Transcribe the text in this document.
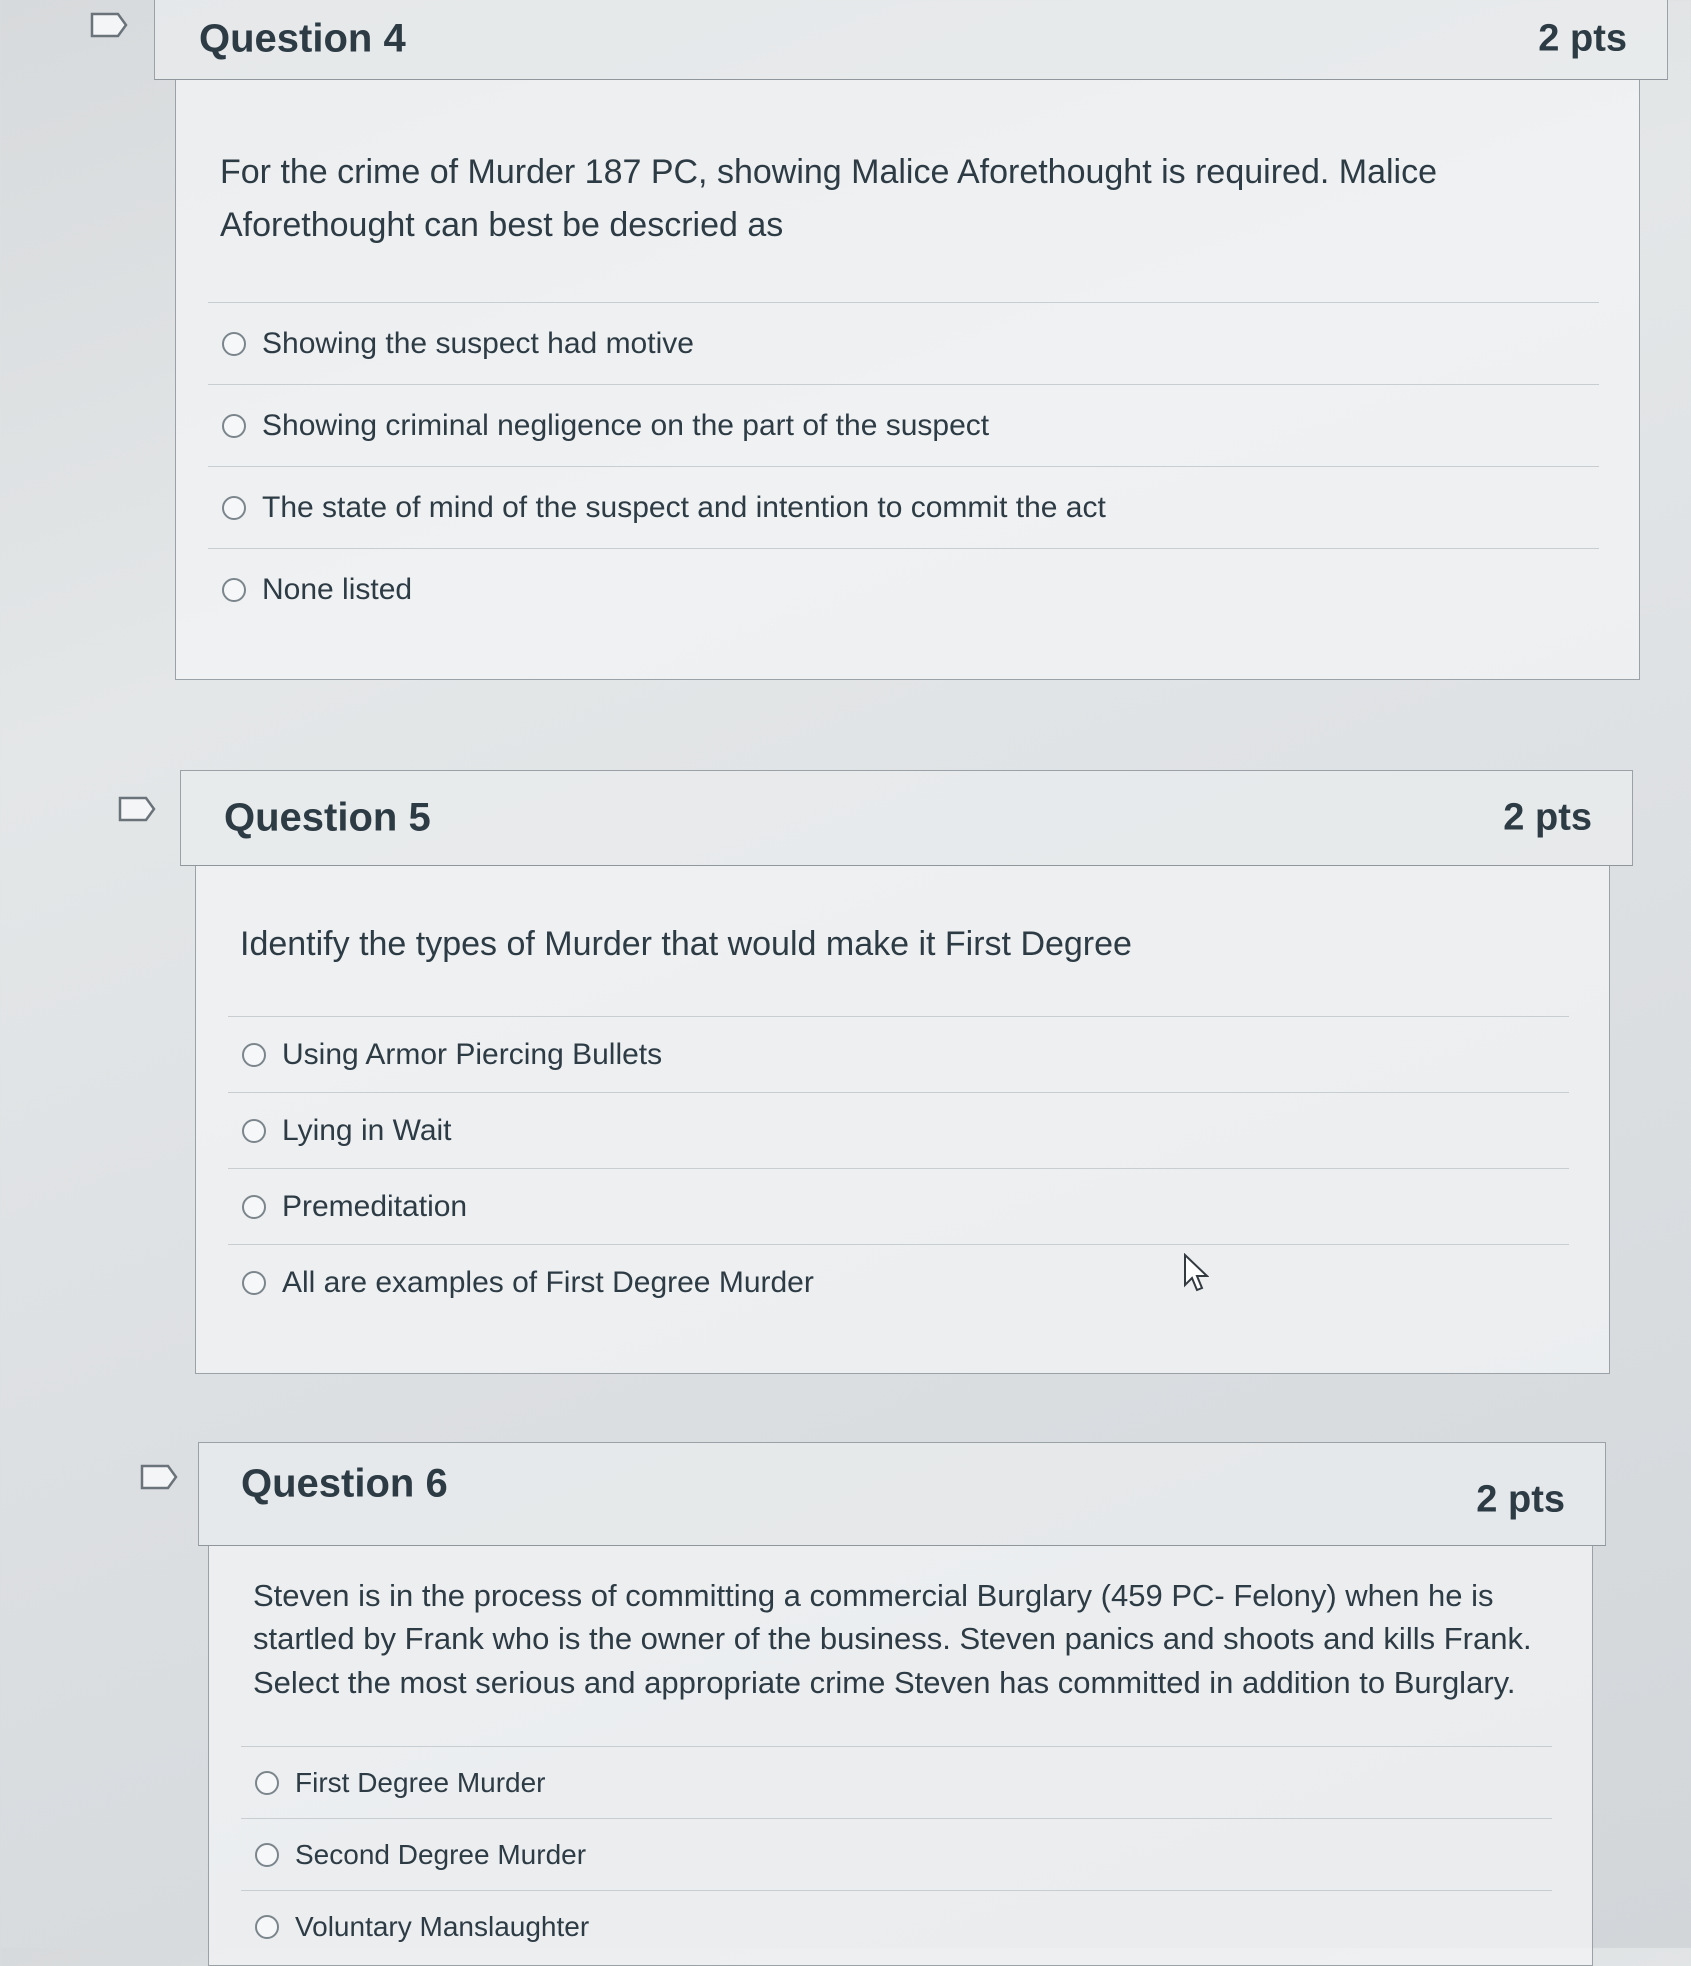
Question 4	2 pts
For the crime of Murder 187 PC, showing Malice Aforethought is required. Malice Aforethought can best be descried as
Showing the suspect had motive
Showing criminal negligence on the part of the suspect
The state of mind of the suspect and intention to commit the act
None listed
Question 5	2 pts
Identify the types of Murder that would make it First Degree
Using Armor Piercing Bullets
Lying in Wait
Premeditation
All are examples of First Degree Murder
Question 6	2 pts
Steven is in the process of committing a commercial Burglary (459 PC- Felony) when he is startled by Frank who is the owner of the business. Steven panics and shoots and kills Frank. Select the most serious and appropriate crime Steven has committed in addition to Burglary.
First Degree Murder
Second Degree Murder
Voluntary Manslaughter
